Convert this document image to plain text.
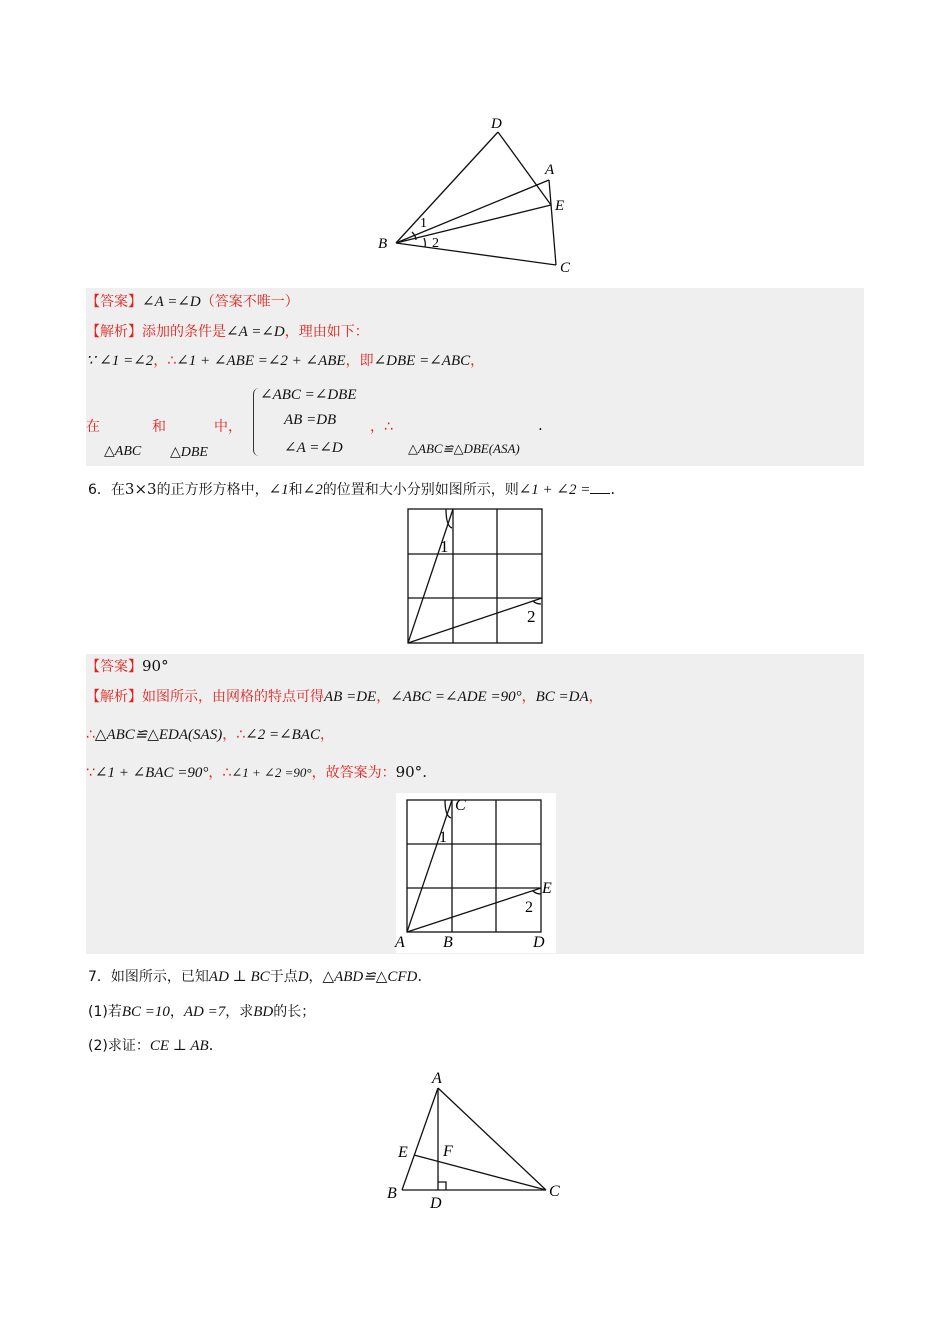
D
A
E
B
C
1
2
【答案】∠A =∠D（答案不唯一）
【解析】添加的条件是∠A =∠D，理由如下：
∵ ∠1 =∠2，∴∠1 + ∠ABE =∠2 + ∠ABE，即∠DBE =∠ABC，
在	和	中，
△ABC △DBE
∠ABC =∠DBE
AB =DB
∠A =∠D
，∴
△ABC≌△DBE(ASA)
.
6．在3×3的正方形方格中，∠1和∠2的位置和大小分别如图所示，则∠1 + ∠2 = .
1
2
【答案】90°
【解析】如图所示，由网格的特点可得AB =DE，∠ABC =∠ADE =90°，BC =DA，
∴△ABC≌△EDA(SAS)，∴∠2 =∠BAC，
∵∠1 + ∠BAC =90°，∴∠1 + ∠2 =90°，故答案为：90°.
C
E
A B	D
1
2
7．如图所示，已知AD ⊥ BC于点D，△ABD≌△CFD.
(1)若BC =10，AD =7，求BD的长；
(2)求证：CE ⊥ AB.
A
E F
B
D
C
